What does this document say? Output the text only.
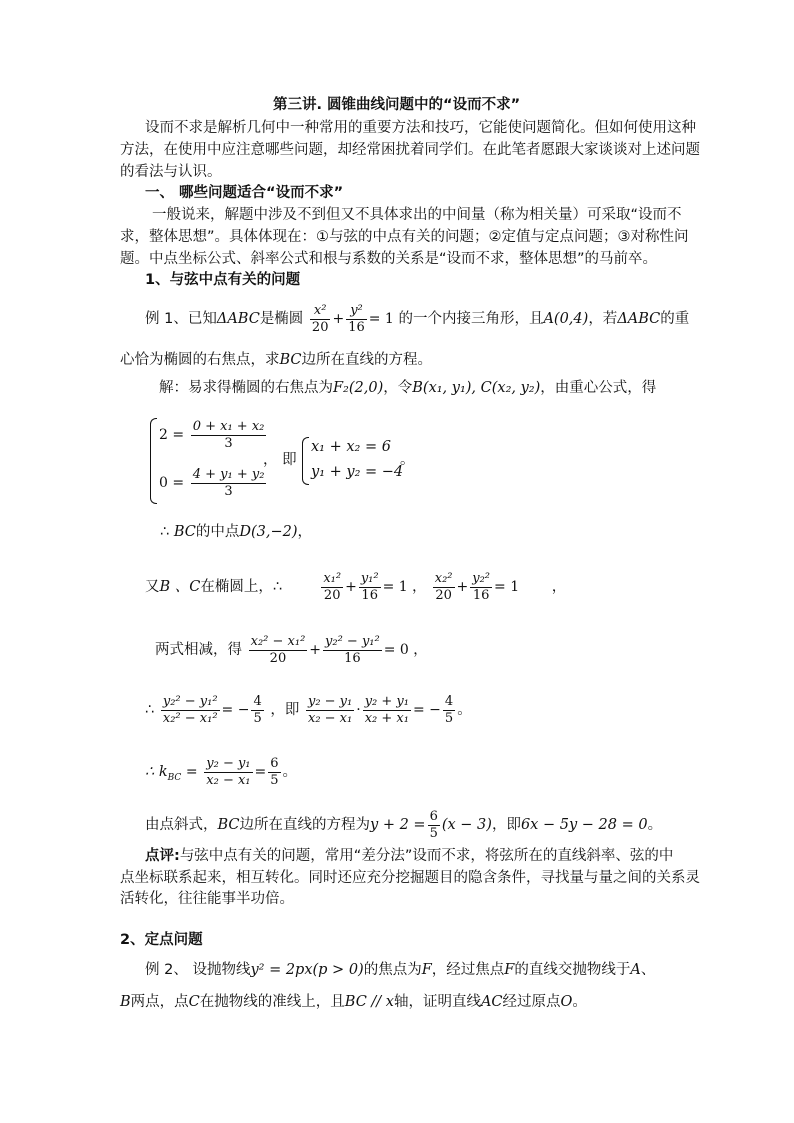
第三讲. 圆锥曲线问题中的“设而不求”
设而不求是解析几何中一种常用的重要方法和技巧，它能使问题简化。但如何使用这种
方法，在使用中应注意哪些问题，却经常困扰着同学们。在此笔者愿跟大家谈谈对上述问题
的看法与认识。
一、 哪些问题适合“设而不求”
一般说来，解题中涉及不到但又不具体求出的中间量（称为相关量）可采取“设而不
求，整体思想”。具体体现在：①与弦的中点有关的问题；②定值与定点问题；③对称性问
题。中点坐标公式、斜率公式和根与系数的关系是“设而不求，整体思想”的马前卒。
1、与弦中点有关的问题
例 1、已知ΔABC是椭圆 $\frac{\text{x²}}{20} + \frac{\text{y²}}{16} = 1$ 的一个内接三角形，且A(0,4)，若ΔABC的重
心恰为椭圆的右焦点，求BC边所在直线的方程。
解：易求得椭圆的右焦点为F₂(2,0)，令B(x₁, y₁), C(x₂, y₂)，由重心公式，得
$2 = \frac{\text{0 + x₁ + x₂}}{3}$
$0 = \frac{\text{4 + y₁ + y₂}}{3}$
， 即
x₁ + x₂ = 6
y₁ + y₂ = −4
。
∴ BC的中点D(3,−2)，
又B 、C在椭圆上，∴	$\frac{\text{x₁²}}{20} + \frac{\text{y₁²}}{16} = 1$ ， $\frac{\text{x₂²}}{20} + \frac{\text{y₂²}}{16} = 1$ ，
两式相减，得 $\frac{\text{x₂² − x₁²}}{20} + \frac{\text{y₂² − y₁²}}{16} = 0$ ，
∴ $\frac{\text{y₂² − y₁²}}{\text{x₂² − x₁²}}$ = − $\frac{4}{5}$ ，即 $\frac{\text{y₂ − y₁}}{\text{x₂ − x₁}} \cdot \frac{\text{y₂ + y₁}}{\text{x₂ + x₁}}$ = − $\frac{4}{5}$ 。
∴ $k_{BC} = \frac{\text{y₂ − y₁}}{\text{x₂ − x₁}} = \frac{6}{5}$ 。
由点斜式，BC边所在直线的方程为$y + 2 = \frac{6}{5} (x - 3)$，即6x − 5y − 28 = 0。
点评:与弦中点有关的问题，常用“差分法”设而不求，将弦所在的直线斜率、弦的中
点坐标联系起来，相互转化。同时还应充分挖掘题目的隐含条件，寻找量与量之间的关系灵
活转化，往往能事半功倍。
2、定点问题
例 2、 设抛物线y² = 2px(p > 0)的焦点为F，经过焦点F的直线交抛物线于A、
B两点，点C在抛物线的准线上，且BC // x轴，证明直线AC经过原点O。
